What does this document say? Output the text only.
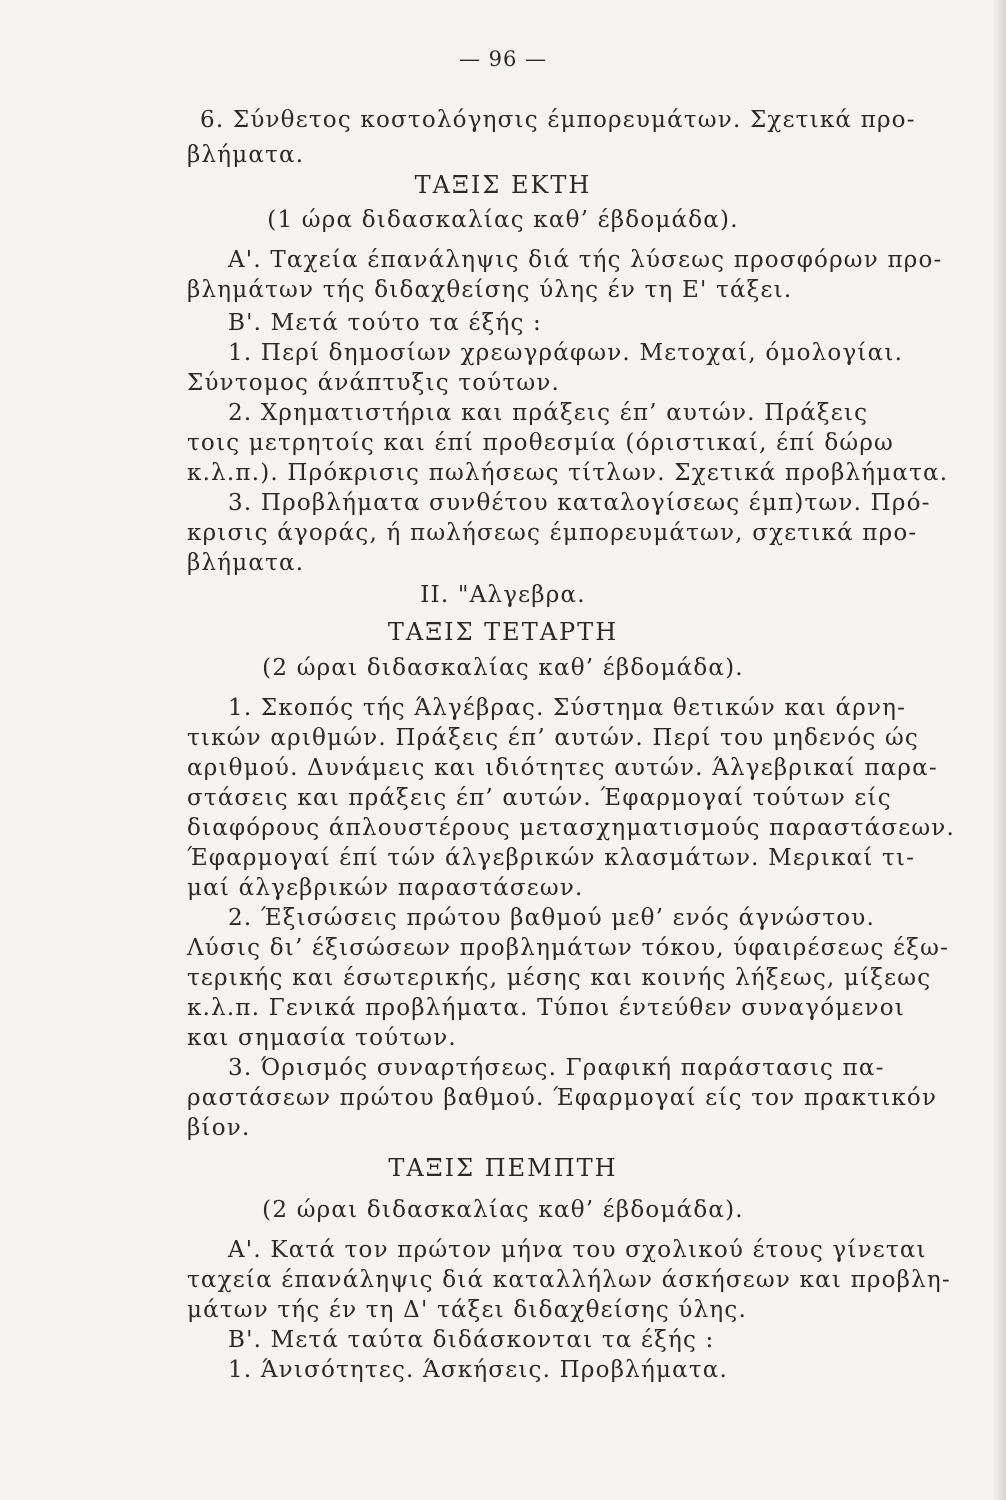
— 96 —

6. Σύνθετος κοστολόγησις έμπορευμάτων. Σχετικά προ-

βλήματα.

ΤΑΞΙΣ ΕΚΤΗ

(1 ώρα διδασκαλίας καθ’ έβδομάδα).

Α'. Ταχεία έπανάληψις διά τής λύσεως προσφόρων προ-

βλημάτων τής διδαχθείσης ύλης έν τη Ε' τάξει.

Β'. Μετά τούτο τα έξής :

1. Περί δημοσίων χρεωγράφων. Μετοχαί, όμολογίαι.

Σύντομος άνάπτυξις τούτων.

2. Χρηματιστήρια και πράξεις έπ’ αυτών. Πράξεις

τοις μετρητοίς και έπί προθεσμία (όριστικαί, έπί δώρω

κ.λ.π.). Πρόκρισις πωλήσεως τίτλων. Σχετικά προβλήματα.

3. Προβλήματα συνθέτου καταλογίσεως έμπ)των. Πρό-

κρισις άγοράς, ή πωλήσεως έμπορευμάτων, σχετικά προ-

βλήματα.

ΙΙ. "Αλγεβρα.

ΤΑΞΙΣ ΤΕΤΑΡΤΗ

(2 ώραι διδασκαλίας καθ’ έβδομάδα).

1. Σκοπός τής Άλγέβρας. Σύστημα θετικών και άρνη-

τικών αριθμών. Πράξεις έπ’ αυτών. Περί του μηδενός ώς

αριθμού. Δυνάμεις και ιδιότητες αυτών. Άλγεβρικαί παρα-

στάσεις και πράξεις έπ’ αυτών. Έφαρμογαί τούτων είς

διαφόρους άπλουστέρους μετασχηματισμούς παραστάσεων.

Έφαρμογαί έπί τών άλγεβρικών κλασμάτων. Μερικαί τι-

μαί άλγεβρικών παραστάσεων.

2. Έξισώσεις πρώτου βαθμού μεθ’ ενός άγνώστου.

Λύσις δι’ έξισώσεων προβλημάτων τόκου, ύφαιρέσεως έξω-

τερικής και έσωτερικής, μέσης και κοινής λήξεως, μίξεως

κ.λ.π. Γενικά προβλήματα. Τύποι έντεύθεν συναγόμενοι

και σημασία τούτων.

3. Όρισμός συναρτήσεως. Γραφική παράστασις πα-

ραστάσεων πρώτου βαθμού. Έφαρμογαί είς τον πρακτικόν

βίον.

ΤΑΞΙΣ ΠΕΜΠΤΗ

(2 ώραι διδασκαλίας καθ’ έβδομάδα).

Α'. Κατά τον πρώτον μήνα του σχολικού έτους γίνεται

ταχεία έπανάληψις διά καταλλήλων άσκήσεων και προβλη-

μάτων τής έν τη Δ' τάξει διδαχθείσης ύλης.

Β'. Μετά ταύτα διδάσκονται τα έξής :

1. Άνισότητες. Άσκήσεις. Προβλήματα.
